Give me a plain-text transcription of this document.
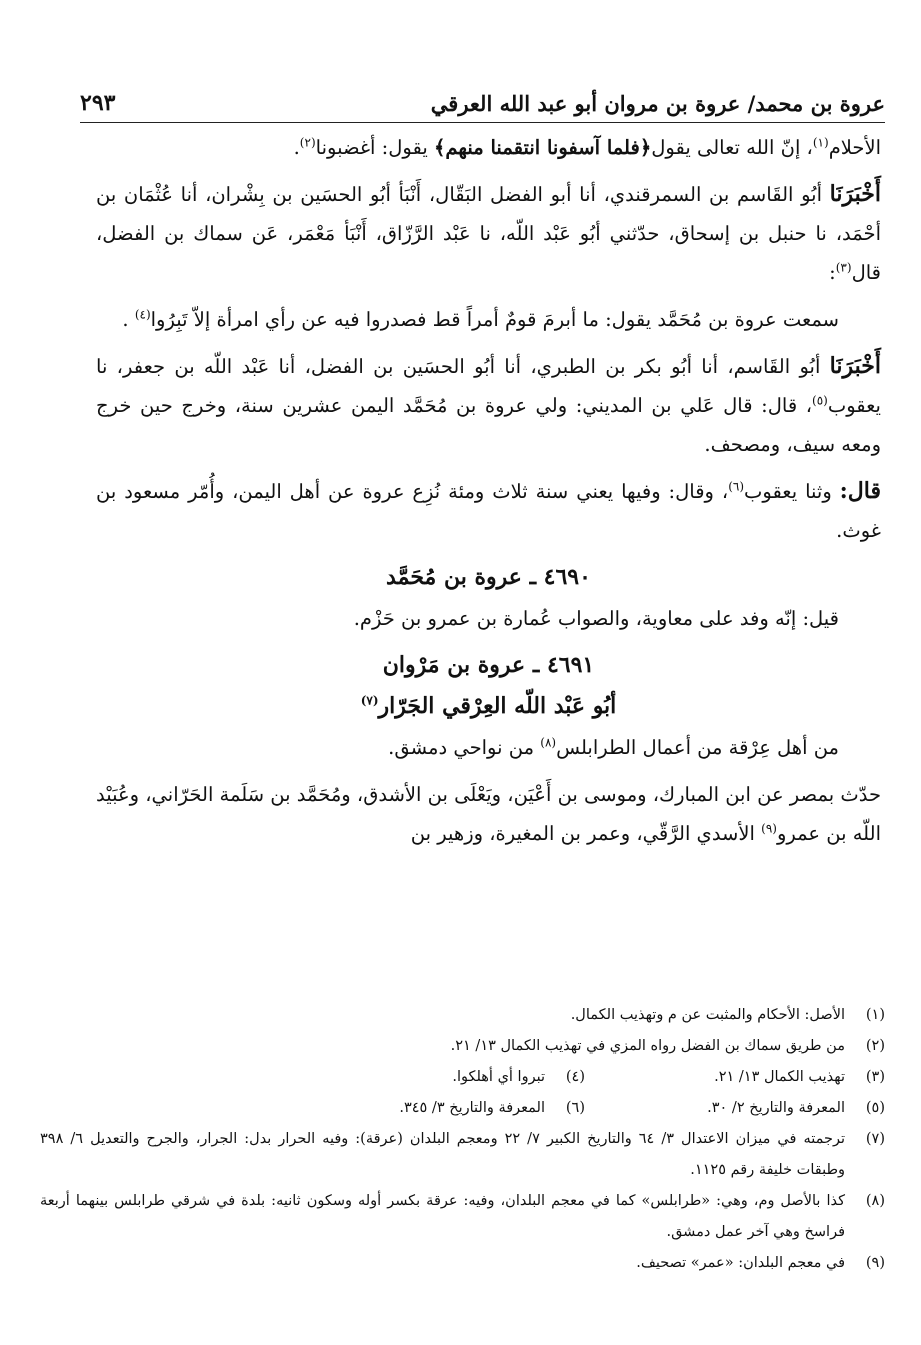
عروة بن محمد/ عروة بن مروان أبو عبد الله العرقي
٢٩٣

الأحلام$^{(١)}$، إنّ الله تعالى يقول﴿فلما آسفونا انتقمنا منهم﴾ يقول: أغضبونا$^{(٢)}$.

أَخْبَرَنَا أبُو القَاسم بن السمرقندي، أنا أبو الفضل البَقّال، أَنْبَأ أبُو الحسَين بن بِشْران، أنا عُثْمَان بن أحْمَد، نا حنبل بن إسحاق، حدّثني أبُو عَبْد اللّه، نا عَبْد الرَّزّاق، أَنْبَأ مَعْمَر، عَن سماك بن الفضل، قال$^{(٣)}$:

سمعت عروة بن مُحَمَّد يقول: ما أبرمَ قومٌ أمراً قط فصدروا فيه عن رأي امرأة إلاّ تَبِرُوا$^{(٤)}$ .

أَخْبَرَنَا أبُو القَاسم، أنا أبُو بكر بن الطبري، أنا أبُو الحسَين بن الفضل، أنا عَبْد اللّه بن جعفر، نا يعقوب$^{(٥)}$، قال: قال عَلي بن المديني: ولي عروة بن مُحَمَّد اليمن عشرين سنة، وخرج حين خرج ومعه سيف، ومصحف.

قال: وثنا يعقوب$^{(٦)}$، وقال: وفيها يعني سنة ثلاث ومئة نُزِع عروة عن أهل اليمن، وأُمّر مسعود بن غوث.

٤٦٩٠ ـ عروة بن مُحَمَّد

قيل: إنّه وفد على معاوية، والصواب عُمارة بن عمرو بن حَزْم.

٤٦٩١ ـ عروة بن مَرْوان
أبُو عَبْد اللّه العِرْقي الجَرّار$^{(٧)}$

من أهل عِرْقة من أعمال الطرابلس$^{(٨)}$ من نواحي دمشق.

حدّث بمصر عن ابن المبارك، وموسى بن أَعْيَن، ويَعْلَى بن الأشدق، ومُحَمَّد بن سَلَمة الحَرّاني، وعُبَيْد اللّه بن عمرو$^{(٩)}$ الأسدي الرَّقّي، وعمر بن المغيرة، وزهير بن

(١)
الأصل: الأحكام والمثبت عن م وتهذيب الكمال.
(٢)
من طريق سماك بن الفضل رواه المزي في تهذيب الكمال ١٣/ ٢١.
(٣)
تهذيب الكمال ١٣/ ٢١.
(٤)
تبروا أي أهلكوا.
(٥)
المعرفة والتاريخ ٢/ ٣٠.
(٦)
المعرفة والتاريخ ٣/ ٣٤٥.
(٧)
ترجمته في ميزان الاعتدال ٣/ ٦٤ والتاريخ الكبير ٧/ ٢٢ ومعجم البلدان (عرقة): وفيه الحرار بدل: الجرار، والجرح والتعديل ٦/ ٣٩٨ وطبقات خليفة رقم ١١٢٥.
(٨)
كذا بالأصل وم، وهي: «طرابلس» كما في معجم البلدان، وفيه: عرقة بكسر أوله وسكون ثانيه: بلدة في شرقي طرابلس بينهما أربعة فراسخ وهي آخر عمل دمشق.
(٩)
في معجم البلدان: «عمر» تصحيف.
